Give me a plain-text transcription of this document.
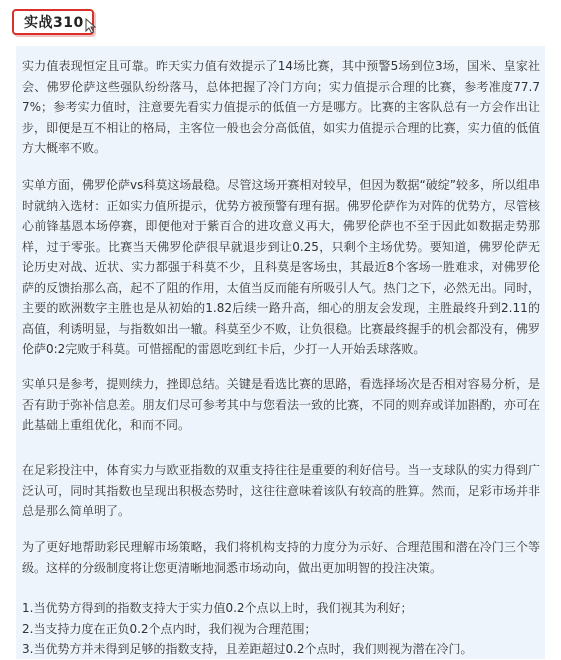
实战310

实力值表现恒定且可靠。昨天实力值有效提示了14场比赛，其中预警5场到位3场，国米、皇家社会、佛罗伦萨这些强队纷纷落马，总体把握了冷门方向；实力值提示合理的比赛，参考准度77.77%；参考实力值时，注意要先看实力值提示的低值一方是哪方。比赛的主客队总有一方会作出让步，即便是互不相让的格局，主客位一般也会分高低值，如实力值提示合理的比赛，实力值的低值方大概率不败。

实单方面，佛罗伦萨vs科莫这场最稳。尽管这场开赛相对较早，但因为数据“破绽”较多，所以组串时就纳入选材：正如实力值所提示，优势方被预警有理有据。佛罗伦萨作为对阵的优势方，尽管核心前锋基恩本场停赛，即便他对于紫百合的进攻意义再大，佛罗伦萨也不至于因此如数据走势那样，过于零张。比赛当天佛罗伦萨很早就退步到让0.25，只剩个主场优势。要知道，佛罗伦萨无论历史对战、近状、实力都强于科莫不少，且科莫是客场虫，其最近8个客场一胜难求，对佛罗伦萨的反馈抬那么高，起不了阻的作用，太值当反而能有所吸引人气。热门之下，必然无出。同时，主要的欧洲数字主胜也是从初始的1.82后续一路升高，细心的朋友会发现，主胜最终升到2.11的高值，利诱明显，与指数如出一辙。科莫至少不败，让负很稳。比赛最终握手的机会都没有，佛罗伦萨0:2完败于科莫。可惜摇配的雷恩吃到红卡后，少打一人开始丢球落败。

实单只是参考，提则续力，挫即总结。关键是看选比赛的思路，看选择场次是否相对容易分析，是否有助于弥补信息差。朋友们尽可参考其中与您看法一致的比赛，不同的则弃或详加斟酌，亦可在此基础上重组优化，和而不同。

在足彩投注中，体育实力与欧亚指数的双重支持往往是重要的利好信号。当一支球队的实力得到广泛认可，同时其指数也呈现出积极态势时，这往往意味着该队有较高的胜算。然而，足彩市场并非总是那么简单明了。

为了更好地帮助彩民理解市场策略，我们将机构支持的力度分为示好、合理范围和潜在冷门三个等级。这样的分级制度将让您更清晰地洞悉市场动向，做出更加明智的投注决策。

1.当优势方得到的指数支持大于实力值0.2个点以上时，我们视其为利好；
2.当支持力度在正负0.2个点内时，我们视为合理范围；
3.当优势方并未得到足够的指数支持，且差距超过0.2个点时，我们则视为潜在冷门。
